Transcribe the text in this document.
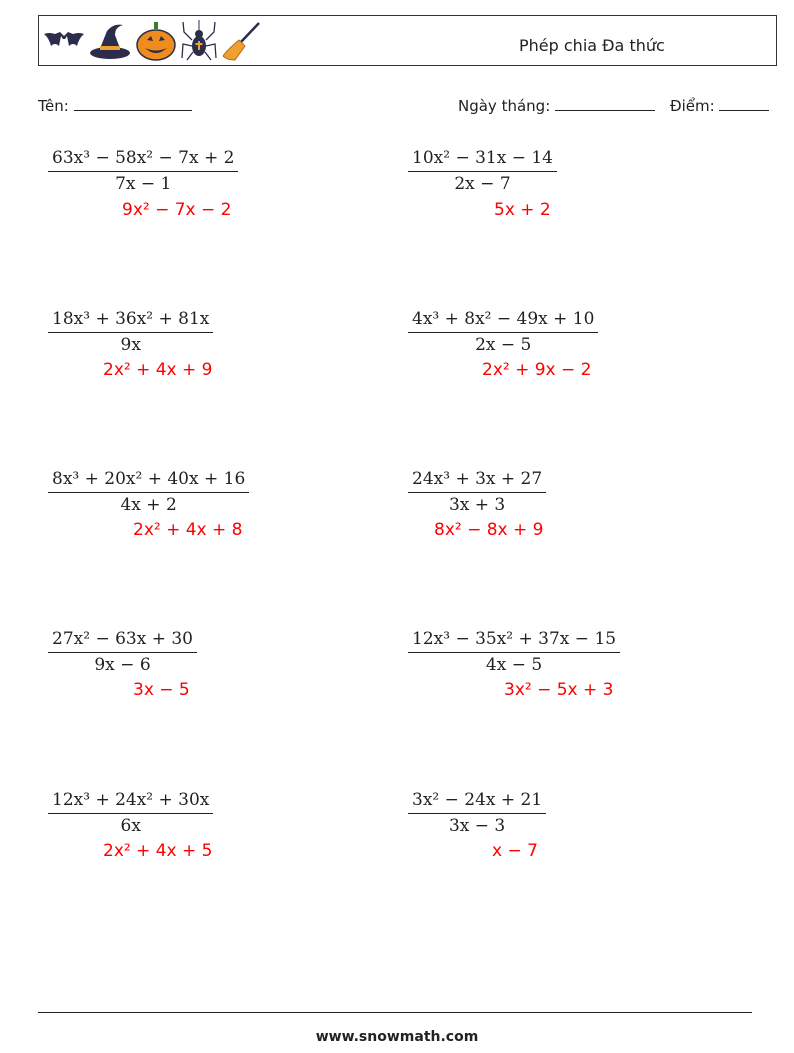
Phép chia Đa thức
Tên:	Ngày tháng:	Điểm:
$\frac{\text{63x³ − 58x² − 7x + 2}}{7x - 1}$
9x² − 7x − 2
$\frac{\text{10x² − 31x − 14}}{2x - 7}$
5x + 2
$\frac{\text{18x³ + 36x² + 81x}}{9x}$
2x² + 4x + 9
$\frac{\text{4x³ + 8x² − 49x + 10}}{2x - 5}$
2x² + 9x − 2
$\frac{\text{8x³ + 20x² + 40x + 16}}{4x + 2}$
2x² + 4x + 8
$\frac{\text{24x³ + 3x + 27}}{3x + 3}$
8x² − 8x + 9
$\frac{\text{27x² − 63x + 30}}{9x - 6}$
3x − 5
$\frac{\text{12x³ − 35x² + 37x − 15}}{4x - 5}$
3x² − 5x + 3
$\frac{\text{12x³ + 24x² + 30x}}{6x}$
2x² + 4x + 5
$\frac{\text{3x² − 24x + 21}}{3x - 3}$
x − 7
www.snowmath.com
